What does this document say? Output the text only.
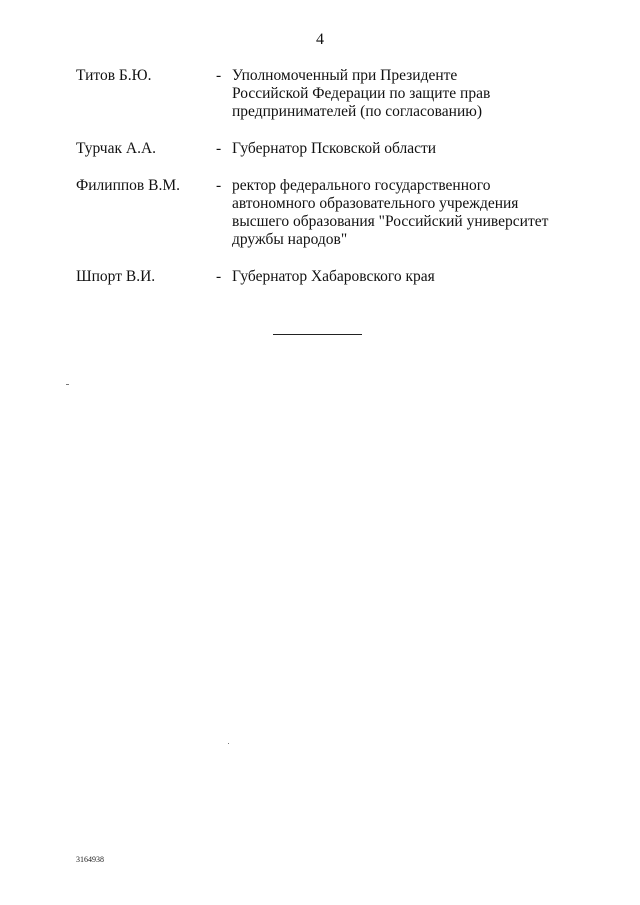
4
Титов Б.Ю.	- Уполномоченный при Президенте
Российской Федерации по защите прав
предпринимателей (по согласованию)
Турчак А.А.	- Губернатор Псковской области
Филиппов В.М.	- ректор федерального государственного
автономного образовательного учреждения
высшего образования "Российский университет
дружбы народов"
Шпорт В.И.	- Губернатор Хабаровского края
3164938
